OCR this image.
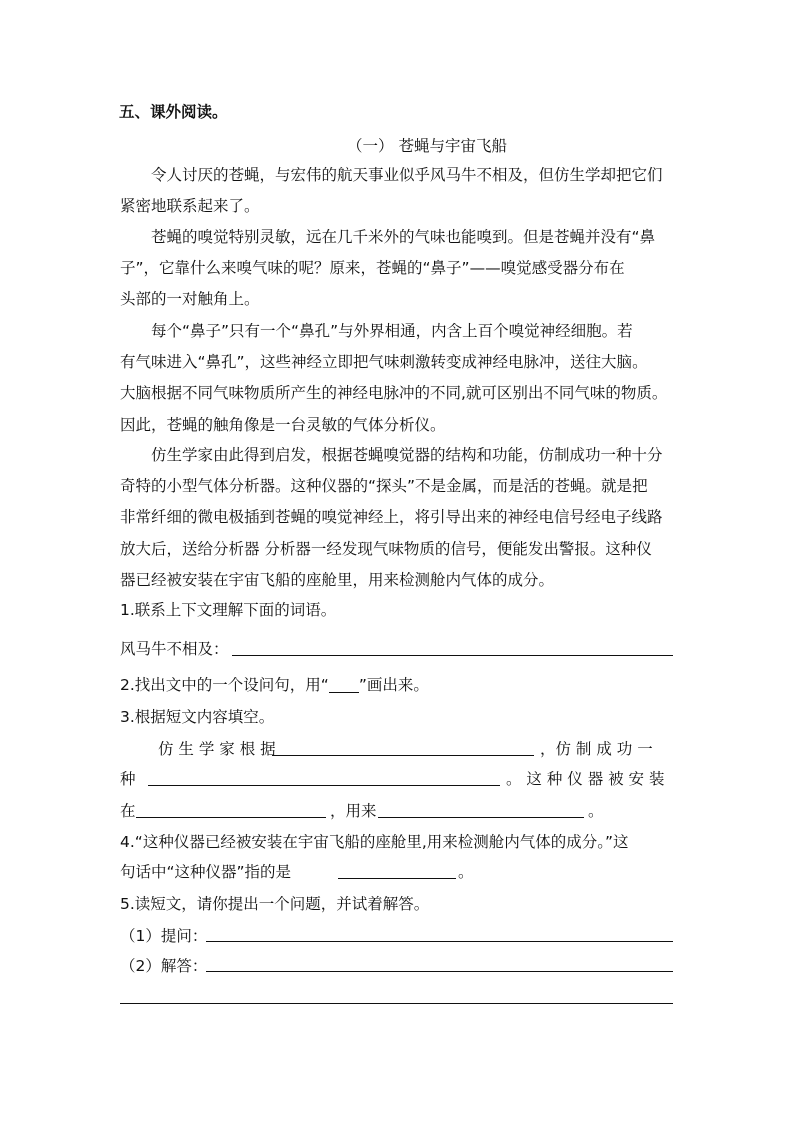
五、课外阅读。
（一） 苍蝇与宇宙飞船
令人讨厌的苍蝇，与宏伟的航天事业似乎风马牛不相及，但仿生学却把它们
紧密地联系起来了。
苍蝇的嗅觉特别灵敏，远在几千米外的气味也能嗅到。但是苍蝇并没有“鼻
子”，它靠什么来嗅气味的呢？原来，苍蝇的“鼻子”——嗅觉感受器分布在
头部的一对触角上。
每个“鼻子”只有一个“鼻孔”与外界相通，内含上百个嗅觉神经细胞。若
有气味进入“鼻孔”，这些神经立即把气味刺激转变成神经电脉冲，送往大脑。
大脑根据不同气味物质所产生的神经电脉冲的不同,就可区别出不同气味的物质。
因此，苍蝇的触角像是一台灵敏的气体分析仪。
仿生学家由此得到启发，根据苍蝇嗅觉器的结构和功能，仿制成功一种十分
奇特的小型气体分析器。这种仪器的“探头”不是金属，而是活的苍蝇。就是把
非常纤细的微电极插到苍蝇的嗅觉神经上，将引导出来的神经电信号经电子线路
放大后，送给分析器 分析器一经发现气味物质的信号，便能发出警报。这种仪
器已经被安装在宇宙飞船的座舱里，用来检测舱内气体的成分。
1.联系上下文理解下面的词语。
风马牛不相及：
2.找出文中的一个设问句，用“ ”画出来。
3.根据短文内容填空。
仿 生 学 家 根 据	，仿 制 成 功 一
种	。 这 种 仪 器 被 安 装
在	，用来	。
4.“这种仪器已经被安装在宇宙飞船的座舱里,用来检测舱内气体的成分。”这
句话中“这种仪器”指的是	。
5.读短文，请你提出一个问题，并试着解答。
（1）提问：
（2）解答：
